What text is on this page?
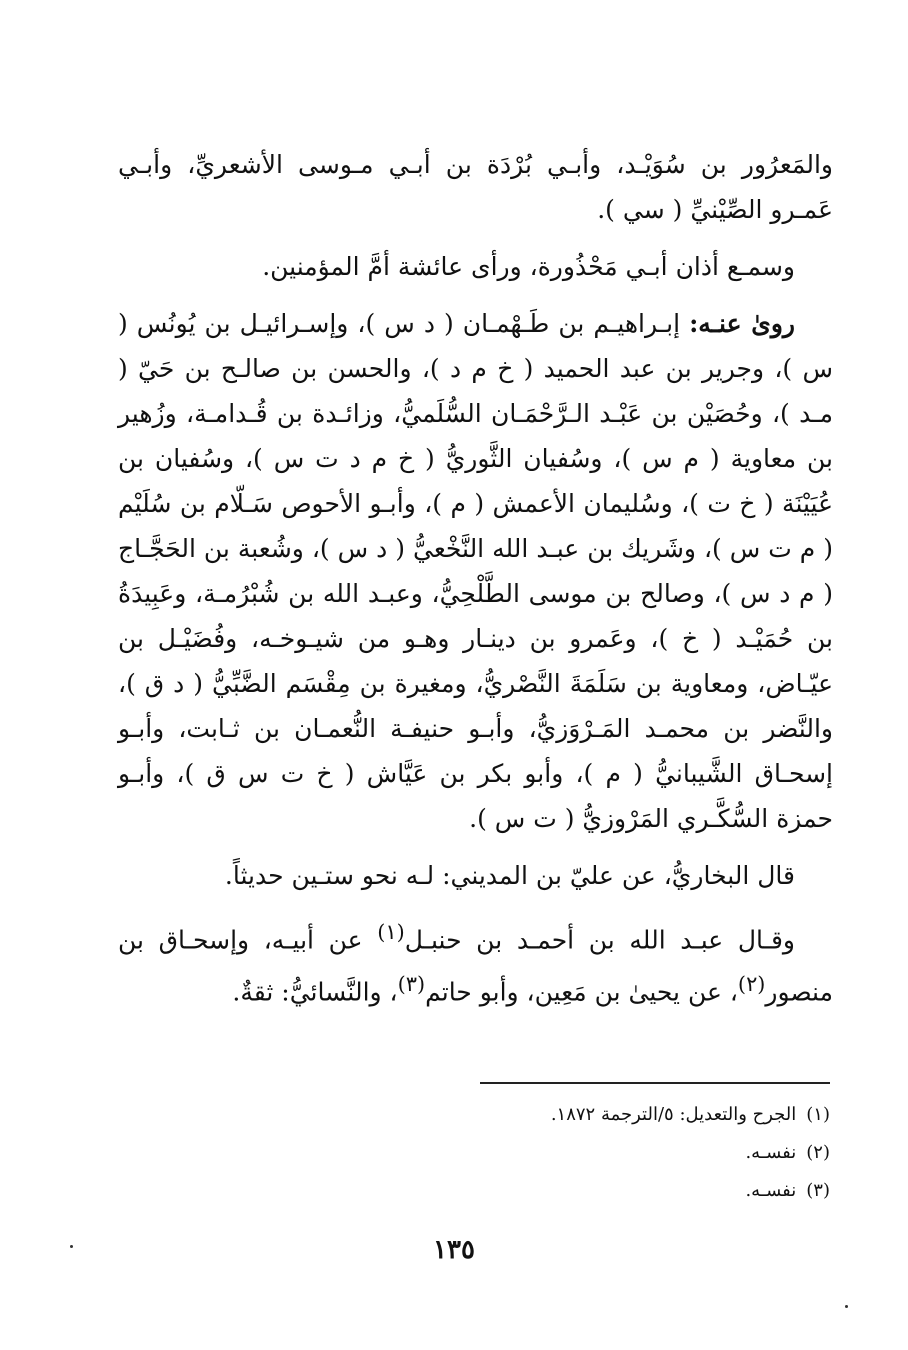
والمَعرُور بن سُوَيْـد، وأبـي بُرْدَة بن أبـي مـوسى الأشعريِّ، وأبـي عَمـرو الصِّيْنيِّ ( سي ).

وسمـع أذان أبـي مَحْذُورة، ورأى عائشة أمَّ المؤمنين.

روىٰ عنـه: إبـراهيـم بن طَـهْمـان ( د س )، وإسـرائيـل بن يُونُس ( س )، وجرير بن عبد الحميد ( خ م د )، والحسن بن صالـح بن حَيّ ( مـد )، وحُصَيْن بن عَبْـد الـرَّحْمَـان السُّلَميُّ، وزائـدة بن قُـدامـة، وزُهير بن معاوية ( م س )، وسُفيان الثَّوريُّ ( خ م د ت س )، وسُفيان بن عُيَيْنَة ( خ ت )، وسُليمان الأعمش ( م )، وأبـو الأحوص سَـلّام بن سُلَيْم ( م ت س )، وشَريك بن عبـد الله النَّخْعيُّ ( د س )، وشُعبة بن الحَجَّـاج ( م د س )، وصالح بن موسى الطَّلْحِيُّ، وعبـد الله بن شُبْرُمـة، وعَبِيدَةُ بن حُمَيْـد ( خ )، وعَمرو بن دينـار وهـو من شيـوخـه، وفُضَيْـل بن عيّـاض، ومعاوية بن سَلَمَةَ النَّصْريُّ، ومغيرة بن مِقْسَم الضَّبِّيُّ ( د ق )، والنَّضر بن محمـد المَـرْوَزيُّ، وأبـو حنيفـة النُّعمـان بن ثـابت، وأبـو إسحـاق الشَّيبانيُّ ( م )، وأبو بكر بن عَيَّاش ( خ ت س ق )، وأبـو حمزة السُّكَّـري المَرْوزيُّ ( ت س ).

قال البخاريُّ، عن عليّ بن المديني: لـه نحو ستـين حديثاً.

وقـال عبـد الله بن أحمـد بن حنبـل$^{(١)}$ عن أبيـه، وإسحـاق بن منصور$^{(٢)}$، عن يحيىٰ بن مَعِين، وأبو حاتم$^{(٣)}$، والنَّسائيُّ: ثقةٌ.

(١)الجرح والتعديل: ٥/الترجمة ١٨٧٢.
(٢)نفسـه.
(٣)نفسـه.
١٣٥
